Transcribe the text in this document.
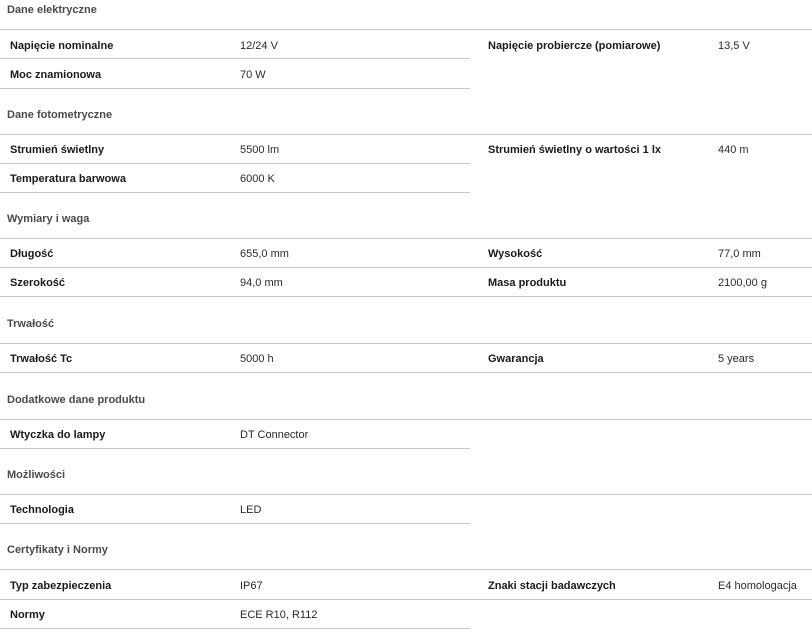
Dane elektryczne
Napięcie nominalne	12/24 V	Napięcie probiercze (pomiarowe)	13,5 V
Moc znamionowa	70 W
Dane fotometryczne
Strumień świetlny	5500 lm	Strumień świetlny o wartości 1 lx	440 m
Temperatura barwowa	6000 K
Wymiary i waga
Długość	655,0 mm	Wysokość	77,0 mm
Szerokość	94,0 mm	Masa produktu	2100,00 g
Trwałość
Trwałość Tc	5000 h	Gwarancja	5 years
Dodatkowe dane produktu
Wtyczka do lampy	DT Connector
Możliwości
Technologia	LED
Certyfikaty i Normy
Typ zabezpieczenia	IP67	Znaki stacji badawczych	E4 homologacja
Normy	ECE R10, R112
